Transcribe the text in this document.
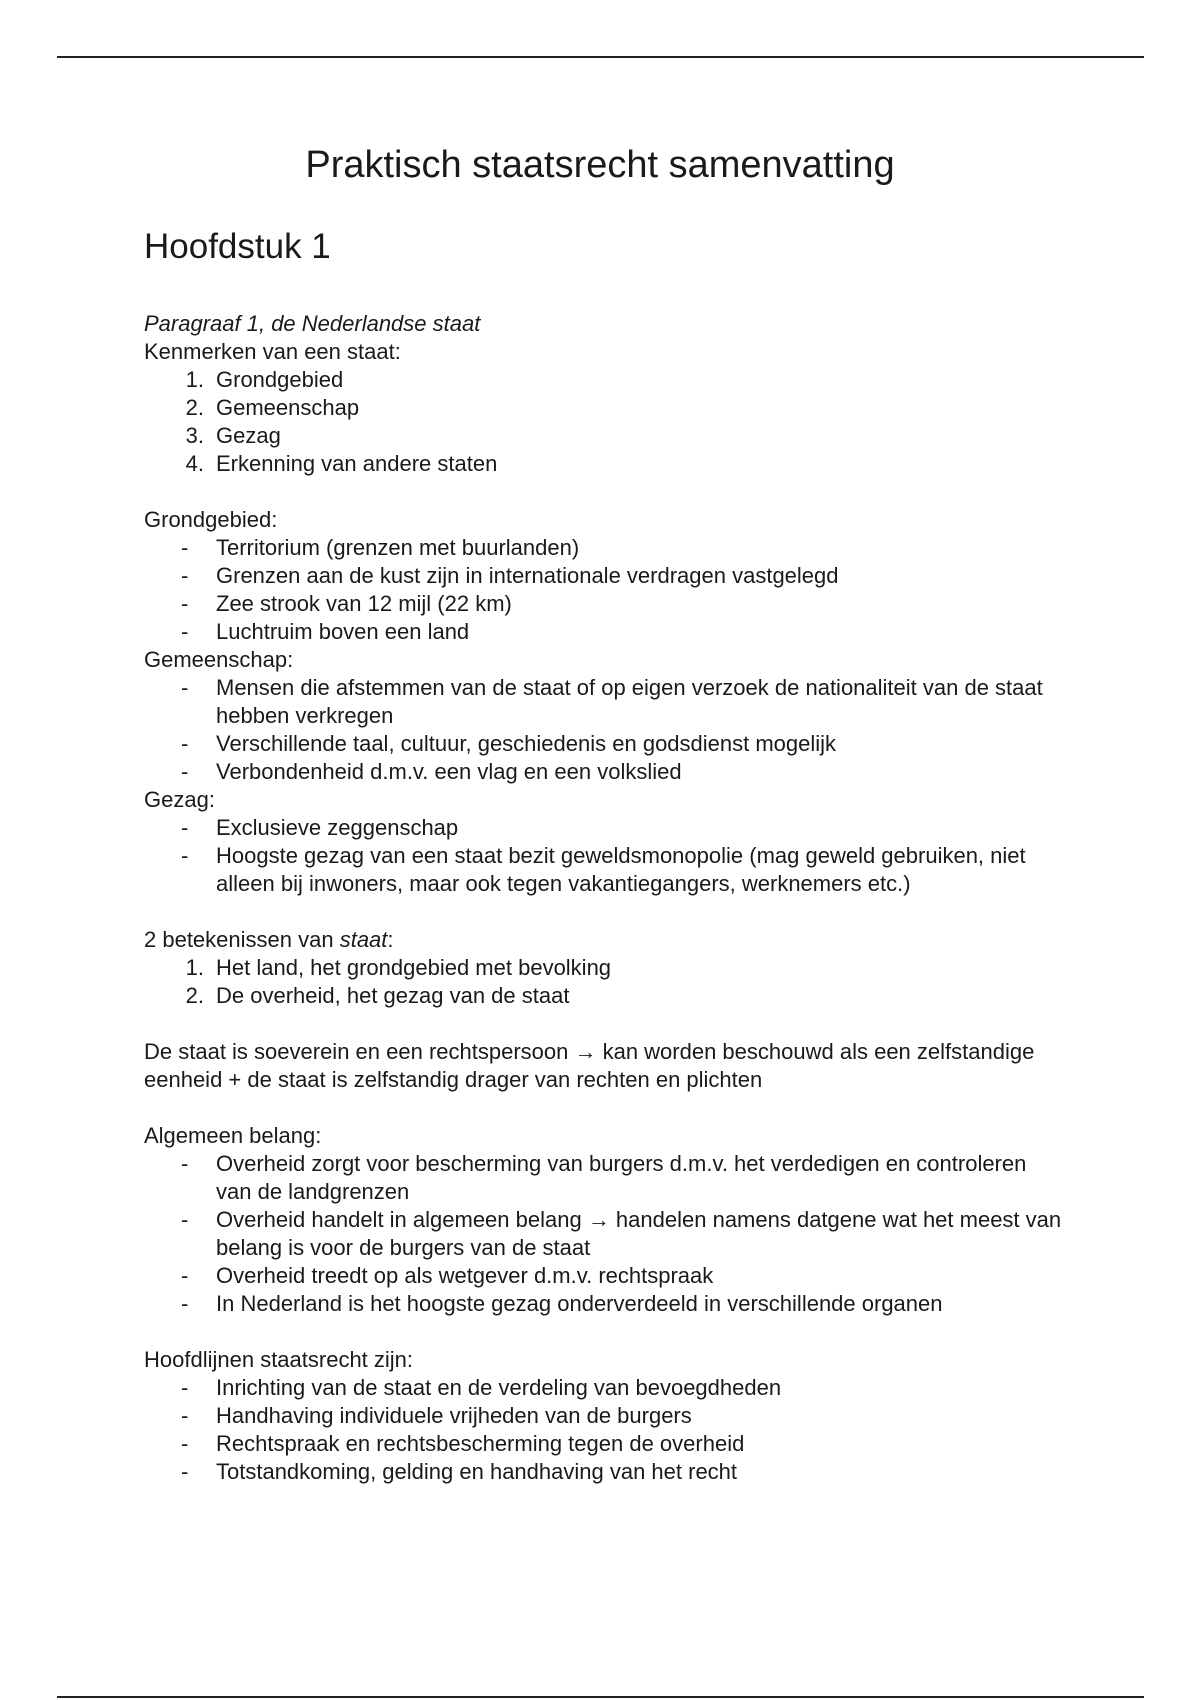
Praktisch staatsrecht samenvatting
Hoofdstuk 1

Paragraaf 1, de Nederlandse staat

Kenmerken van een staat:

1. Grondgebied
2. Gemeenschap
3. Gezag
4. Erkenning van andere staten

Grondgebied:

-	Territorium (grenzen met buurlanden)
-	Grenzen aan de kust zijn in internationale verdragen vastgelegd
-	Zee strook van 12 mijl (22 km)
-	Luchtruim boven een land

Gemeenschap:

-	Mensen die afstemmen van de staat of op eigen verzoek de nationaliteit van de staat hebben verkregen
-	Verschillende taal, cultuur, geschiedenis en godsdienst mogelijk
-	Verbondenheid d.m.v. een vlag en een volkslied

Gezag:

-	Exclusieve zeggenschap
-	Hoogste gezag van een staat bezit geweldsmonopolie (mag geweld gebruiken, niet alleen bij inwoners, maar ook tegen vakantiegangers, werknemers etc.)

2 betekenissen van staat:

1. Het land, het grondgebied met bevolking
2. De overheid, het gezag van de staat

De staat is soeverein en een rechtspersoon → kan worden beschouwd als een zelfstandige eenheid + de staat is zelfstandig drager van rechten en plichten

Algemeen belang:

-	Overheid zorgt voor bescherming van burgers d.m.v. het verdedigen en controleren van de landgrenzen
-	Overheid handelt in algemeen belang → handelen namens datgene wat het meest van belang is voor de burgers van de staat
-	Overheid treedt op als wetgever d.m.v. rechtspraak
-	In Nederland is het hoogste gezag onderverdeeld in verschillende organen

Hoofdlijnen staatsrecht zijn:

-	Inrichting van de staat en de verdeling van bevoegdheden
-	Handhaving individuele vrijheden van de burgers
-	Rechtspraak en rechtsbescherming tegen de overheid
-	Totstandkoming, gelding en handhaving van het recht
